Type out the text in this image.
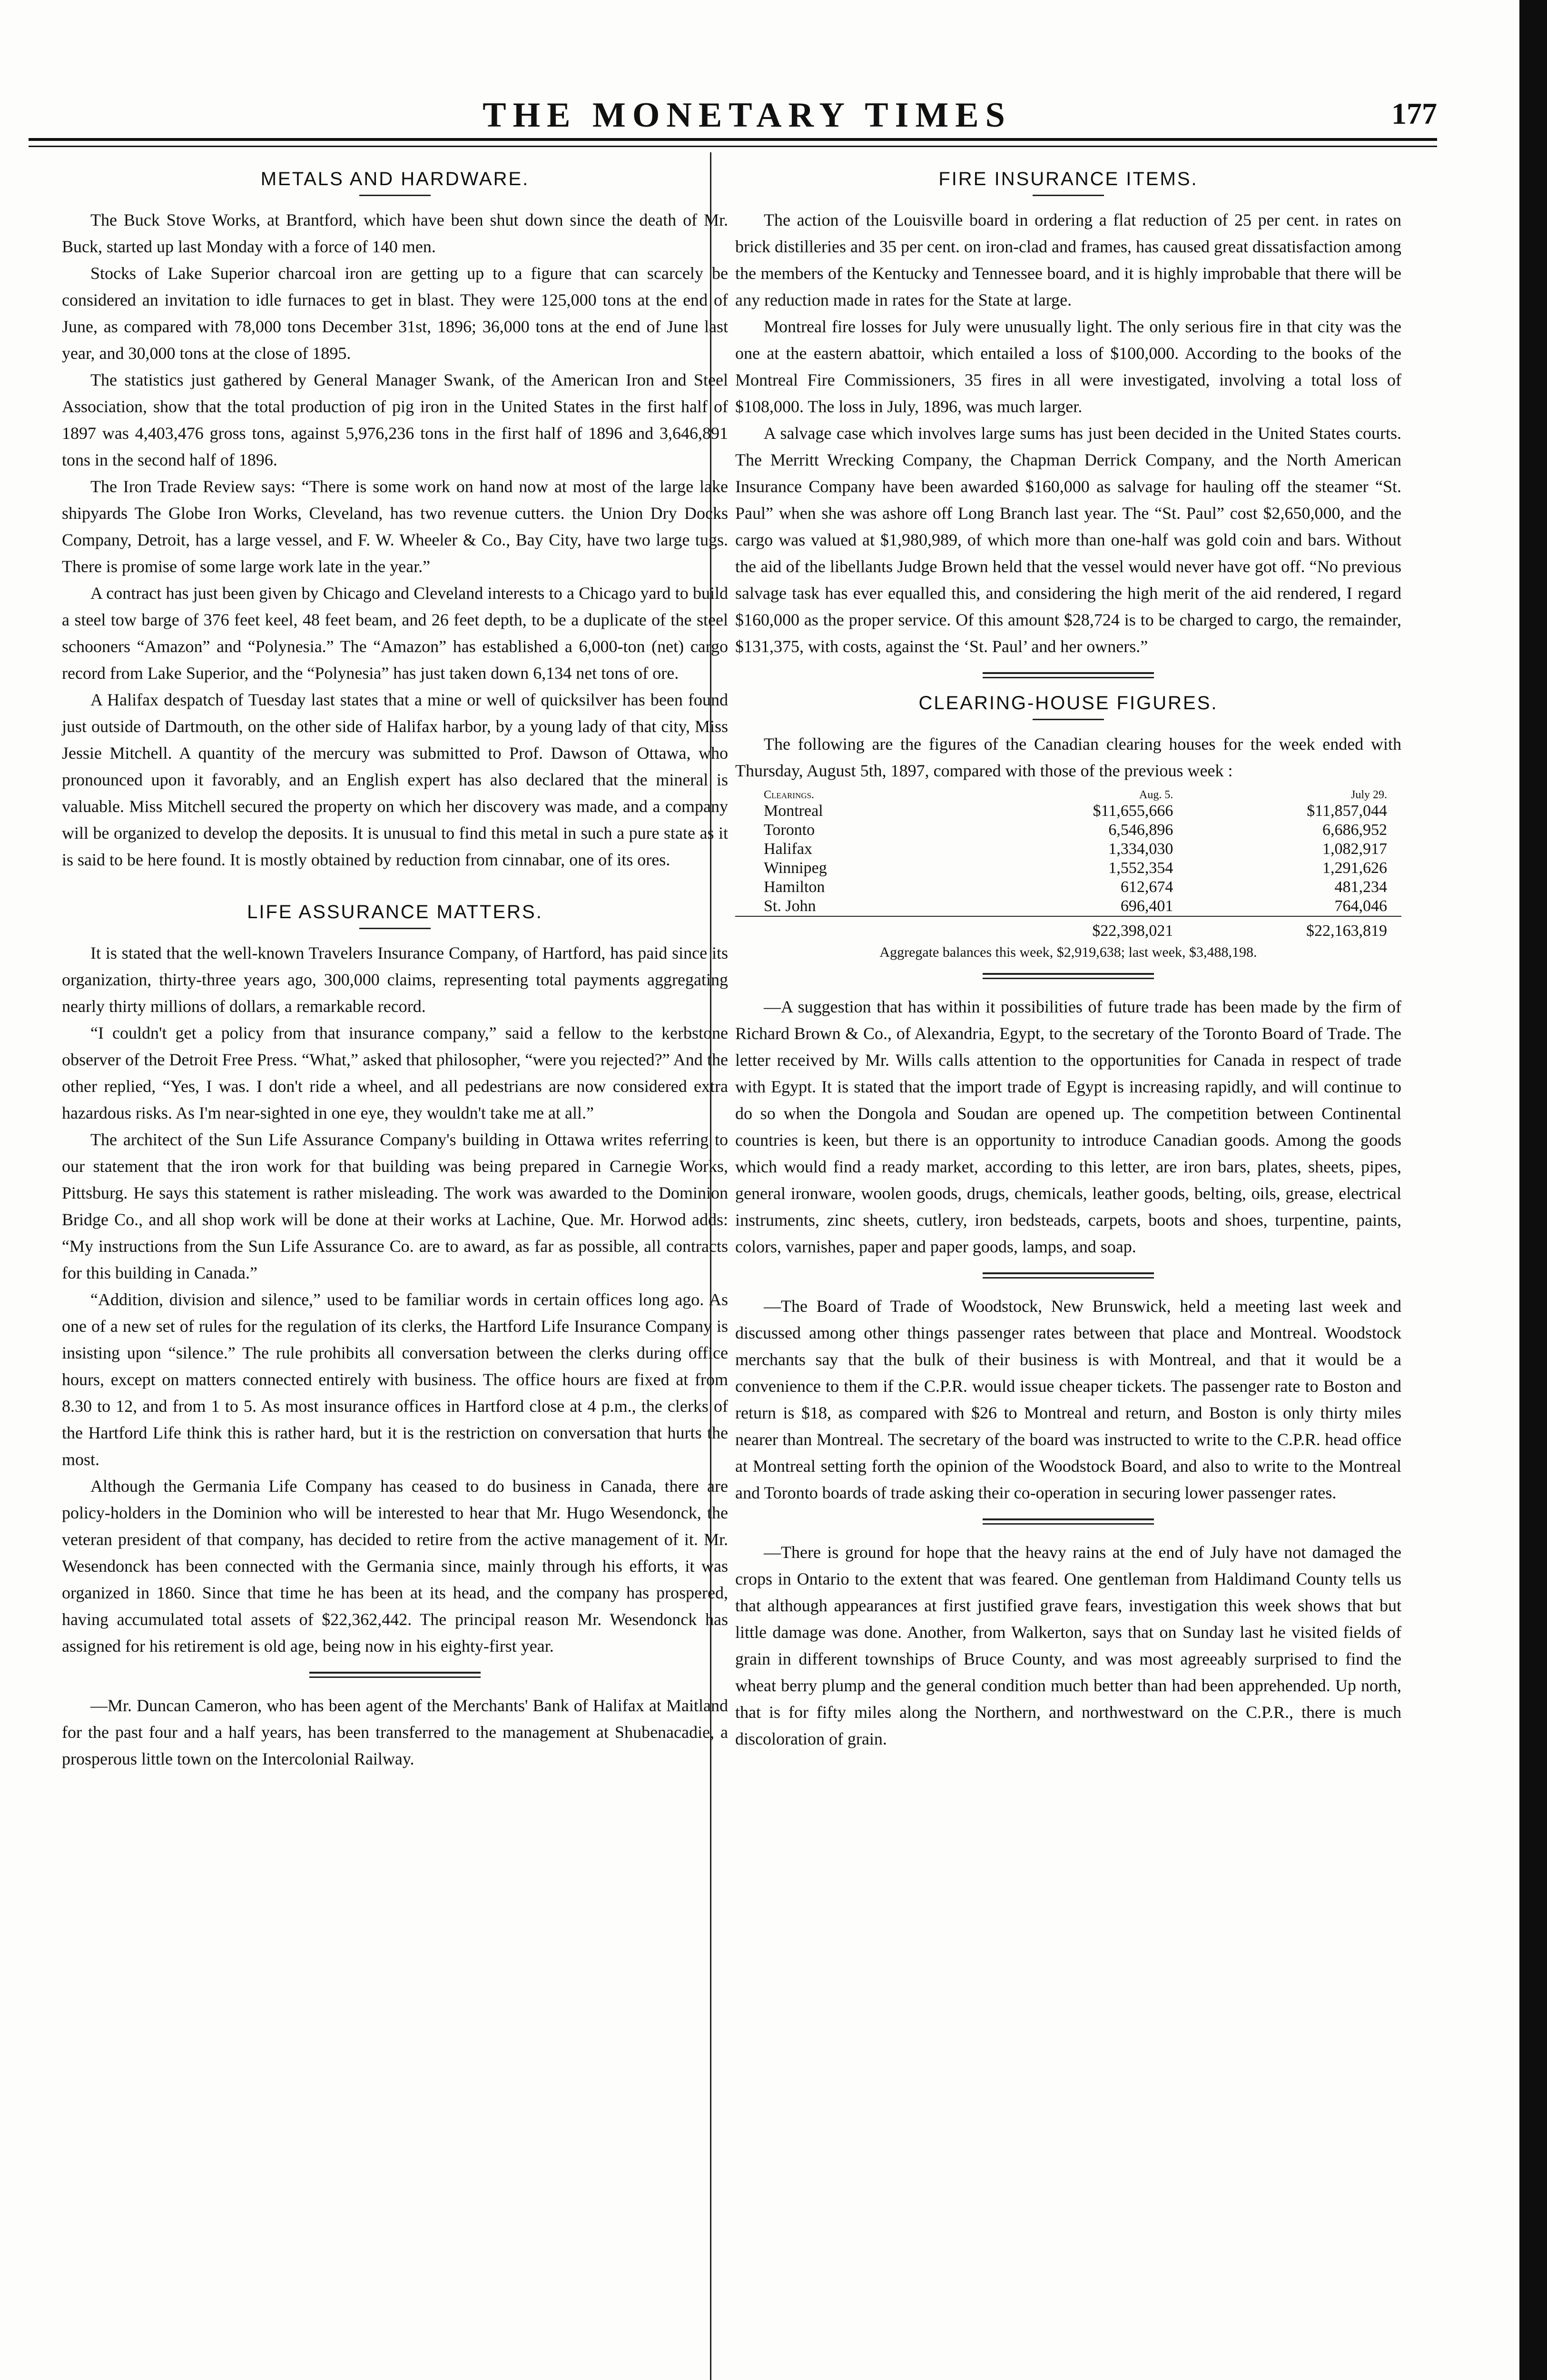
THE MONETARY TIMES	177
METALS AND HARDWARE.

The Buck Stove Works, at Brantford, which have been shut down since the death of Mr. Buck, started up last Monday with a force of 140 men.

Stocks of Lake Superior charcoal iron are getting up to a figure that can scarcely be considered an invitation to idle furnaces to get in blast. They were 125,000 tons at the end of June, as compared with 78,000 tons December 31st, 1896; 36,000 tons at the end of June last year, and 30,000 tons at the close of 1895.

The statistics just gathered by General Manager Swank, of the American Iron and Steel Association, show that the total production of pig iron in the United States in the first half of 1897 was 4,403,476 gross tons, against 5,976,236 tons in the first half of 1896 and 3,646,891 tons in the second half of 1896.

The Iron Trade Review says: “There is some work on hand now at most of the large lake shipyards The Globe Iron Works, Cleveland, has two revenue cutters. the Union Dry Docks Company, Detroit, has a large vessel, and F. W. Wheeler & Co., Bay City, have two large tugs. There is promise of some large work late in the year.”

A contract has just been given by Chicago and Cleveland interests to a Chicago yard to build a steel tow barge of 376 feet keel, 48 feet beam, and 26 feet depth, to be a duplicate of the steel schooners “Amazon” and “Polynesia.” The “Amazon” has established a 6,000-ton (net) cargo record from Lake Superior, and the “Polynesia” has just taken down 6,134 net tons of ore.

A Halifax despatch of Tuesday last states that a mine or well of quicksilver has been found just outside of Dartmouth, on the other side of Halifax harbor, by a young lady of that city, Miss Jessie Mitchell. A quantity of the mercury was submitted to Prof. Dawson of Ottawa, who pronounced upon it favorably, and an English expert has also declared that the mineral is valuable. Miss Mitchell secured the property on which her discovery was made, and a company will be organized to develop the deposits. It is unusual to find this metal in such a pure state as it is said to be here found. It is mostly obtained by reduction from cinnabar, one of its ores.

LIFE ASSURANCE MATTERS.

It is stated that the well-known Travelers Insurance Company, of Hartford, has paid since its organization, thirty-three years ago, 300,000 claims, representing total payments aggregating nearly thirty millions of dollars, a remarkable record.

“I couldn't get a policy from that insurance company,” said a fellow to the kerbstone observer of the Detroit Free Press. “What,” asked that philosopher, “were you rejected?” And the other replied, “Yes, I was. I don't ride a wheel, and all pedestrians are now considered extra hazardous risks. As I'm near-sighted in one eye, they wouldn't take me at all.”

The architect of the Sun Life Assurance Company's building in Ottawa writes referring to our statement that the iron work for that building was being prepared in Carnegie Works, Pittsburg. He says this statement is rather misleading. The work was awarded to the Dominion Bridge Co., and all shop work will be done at their works at Lachine, Que. Mr. Horwod adds: “My instructions from the Sun Life Assurance Co. are to award, as far as possible, all contracts for this building in Canada.”

“Addition, division and silence,” used to be familiar words in certain offices long ago. As one of a new set of rules for the regulation of its clerks, the Hartford Life Insurance Company is insisting upon “silence.” The rule prohibits all conversation between the clerks during office hours, except on matters connected entirely with business. The office hours are fixed at from 8.30 to 12, and from 1 to 5. As most insurance offices in Hartford close at 4 p.m., the clerks of the Hartford Life think this is rather hard, but it is the restriction on conversation that hurts the most.

Although the Germania Life Company has ceased to do business in Canada, there are policy-holders in the Dominion who will be interested to hear that Mr. Hugo Wesendonck, the veteran president of that company, has decided to retire from the active management of it. Mr. Wesendonck has been connected with the Germania since, mainly through his efforts, it was organized in 1860. Since that time he has been at its head, and the company has prospered, having accumulated total assets of $22,362,442. The principal reason Mr. Wesendonck has assigned for his retirement is old age, being now in his eighty-first year.

—Mr. Duncan Cameron, who has been agent of the Merchants' Bank of Halifax at Maitland for the past four and a half years, has been transferred to the management at Shubenacadie, a prosperous little town on the Intercolonial Railway.

FIRE INSURANCE ITEMS.

The action of the Louisville board in ordering a flat reduction of 25 per cent. in rates on brick distilleries and 35 per cent. on iron-clad and frames, has caused great dissatisfaction among the members of the Kentucky and Tennessee board, and it is highly improbable that there will be any reduction made in rates for the State at large.

Montreal fire losses for July were unusually light. The only serious fire in that city was the one at the eastern abattoir, which entailed a loss of $100,000. According to the books of the Montreal Fire Commissioners, 35 fires in all were investigated, involving a total loss of $108,000. The loss in July, 1896, was much larger.

A salvage case which involves large sums has just been decided in the United States courts. The Merritt Wrecking Company, the Chapman Derrick Company, and the North American Insurance Company have been awarded $160,000 as salvage for hauling off the steamer “St. Paul” when she was ashore off Long Branch last year. The “St. Paul” cost $2,650,000, and the cargo was valued at $1,980,989, of which more than one-half was gold coin and bars. Without the aid of the libellants Judge Brown held that the vessel would never have got off. “No previous salvage task has ever equalled this, and considering the high merit of the aid rendered, I regard $160,000 as the proper service. Of this amount $28,724 is to be charged to cargo, the remainder, $131,375, with costs, against the ‘St. Paul’ and her owners.”

CLEARING-HOUSE FIGURES.

The following are the figures of the Canadian clearing houses for the week ended with Thursday, August 5th, 1897, compared with those of the previous week :

Clearings.	Aug. 5.	July 29.
Montreal	$11,655,666	$11,857,044
Toronto	6,546,896	6,686,952
Halifax	1,334,030	1,082,917
Winnipeg	1,552,354	1,291,626
Hamilton	612,674	481,234
St. John	696,401	764,046
	$22,398,021	$22,163,819
Aggregate balances this week, $2,919,638; last week, $3,488,198.

—A suggestion that has within it possibilities of future trade has been made by the firm of Richard Brown & Co., of Alexandria, Egypt, to the secretary of the Toronto Board of Trade. The letter received by Mr. Wills calls attention to the opportunities for Canada in respect of trade with Egypt. It is stated that the import trade of Egypt is increasing rapidly, and will continue to do so when the Dongola and Soudan are opened up. The competition between Continental countries is keen, but there is an opportunity to introduce Canadian goods. Among the goods which would find a ready market, according to this letter, are iron bars, plates, sheets, pipes, general ironware, woolen goods, drugs, chemicals, leather goods, belting, oils, grease, electrical instruments, zinc sheets, cutlery, iron bedsteads, carpets, boots and shoes, turpentine, paints, colors, varnishes, paper and paper goods, lamps, and soap.

—The Board of Trade of Woodstock, New Brunswick, held a meeting last week and discussed among other things passenger rates between that place and Montreal. Woodstock merchants say that the bulk of their business is with Montreal, and that it would be a convenience to them if the C.P.R. would issue cheaper tickets. The passenger rate to Boston and return is $18, as compared with $26 to Montreal and return, and Boston is only thirty miles nearer than Montreal. The secretary of the board was instructed to write to the C.P.R. head office at Montreal setting forth the opinion of the Woodstock Board, and also to write to the Montreal and Toronto boards of trade asking their co-operation in securing lower passenger rates.

—There is ground for hope that the heavy rains at the end of July have not damaged the crops in Ontario to the extent that was feared. One gentleman from Haldimand County tells us that although appearances at first justified grave fears, investigation this week shows that but little damage was done. Another, from Walkerton, says that on Sunday last he visited fields of grain in different townships of Bruce County, and was most agreeably surprised to find the wheat berry plump and the general condition much better than had been apprehended. Up north, that is for fifty miles along the Northern, and northwestward on the C.P.R., there is much discoloration of grain.
